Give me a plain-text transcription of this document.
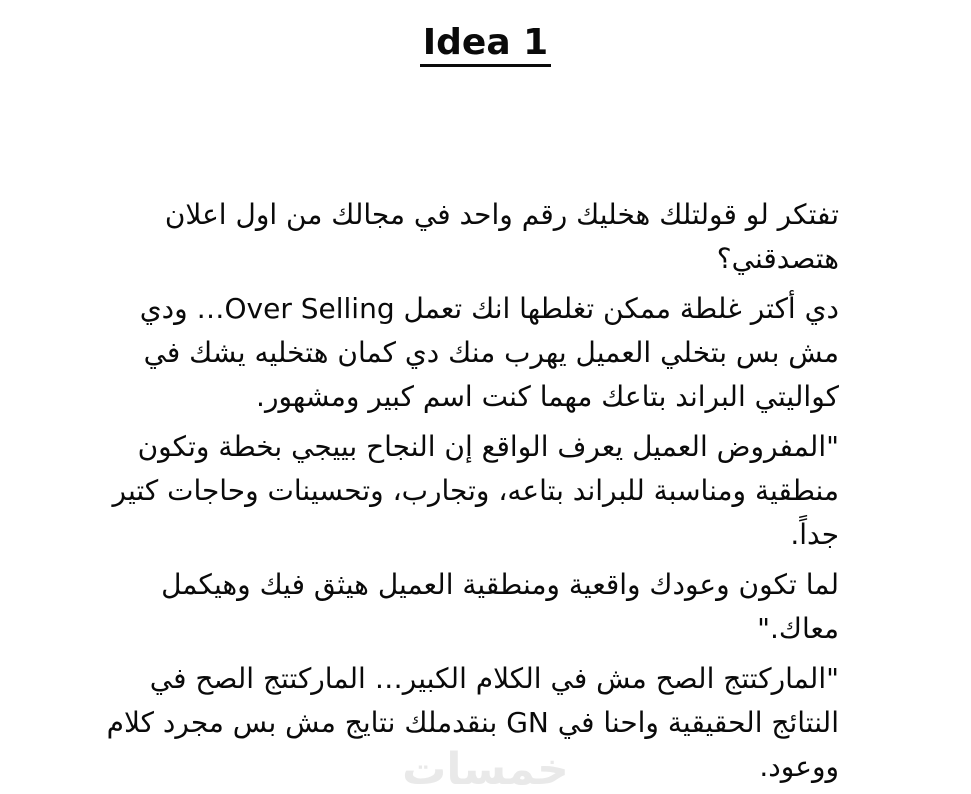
Idea 1
تفتكر لو قولتلك هخليك رقم واحد في مجالك من اول اعلان
هتصدقني؟
دي أكتر غلطة ممكن تغلطها انك تعمل Over Selling… ودي
مش بس بتخلي العميل يهرب منك دي كمان هتخليه يشك في
كواليتي البراند بتاعك مهما كنت اسم كبير ومشهور.
"المفروض العميل يعرف الواقع إن النجاح بييجي بخطة وتكون
منطقية ومناسبة للبراند بتاعه، وتجارب، وتحسينات وحاجات كتير
جداً.
لما تكون وعودك واقعية ومنطقية العميل هيثق فيك وهيكمل
معاك."
"الماركتتج الصح مش في الكلام الكبير… الماركتتج الصح في
النتائج الحقيقية واحنا في GN بنقدملك نتايج مش بس مجرد كلام
ووعود.
خمسات
